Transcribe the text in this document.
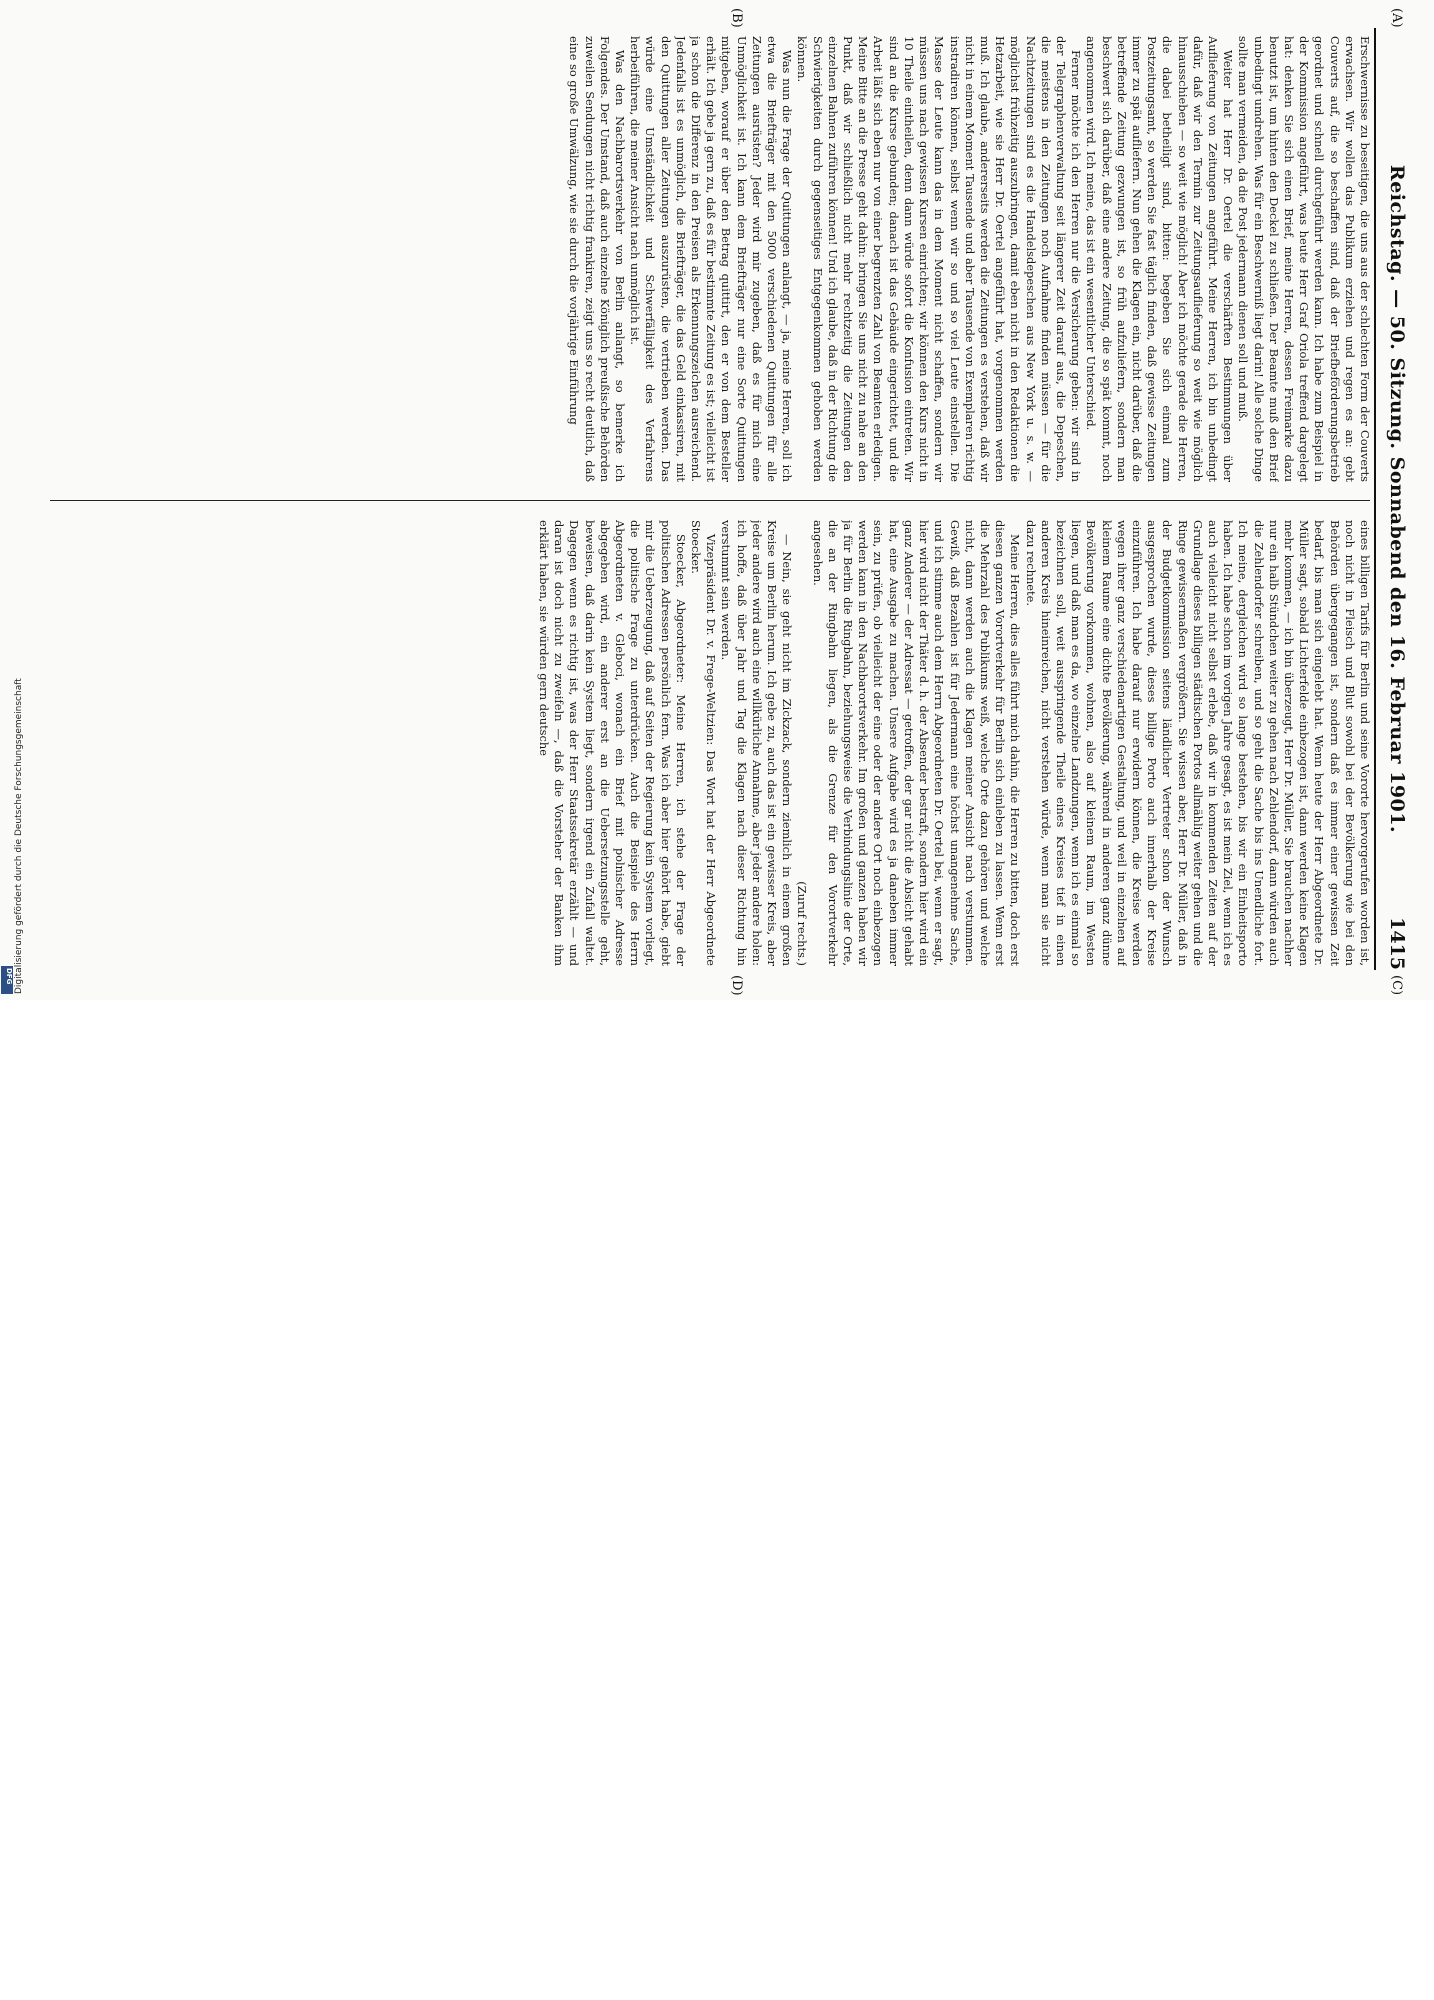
Reichstag. — 50. Sitzung. Sonnabend den 16. Februar 1901.
1415
(A)
(B)
(C)
(D)

Erschwernisse zu beseitigen, die uns aus der schlechten Form der Couverts erwachsen. Wir wollen das Publikum erziehen und regen es an: gebt Couverts auf, die so beschaffen sind, daß der Briefbeförderungsbetrieb geordnet und schnell durchgeführt werden kann. Ich habe zum Beispiel in der Kommission angeführt, was heute Herr Graf Oriola treffend dargelegt hat: denken Sie sich einen Brief, meine Herren, dessen Freimarke dazu benutzt ist, um hinten den Deckel zu schließen. Der Beamte muß den Brief unbedingt umdrehen. Was für ein Beschwerniß liegt darin! Alle solche Dinge sollte man vermeiden, da die Post jedermann dienen soll und muß.

Weiter hat Herr Dr. Oertel die verschärften Bestimmungen über Auflieferung von Zeitungen angeführt. Meine Herren, ich bin unbedingt dafür, daß wir den Termin zur Zeitungsauflieferung so weit wie möglich hinausschieben — so weit wie möglich! Aber ich möchte gerade die Herren, die dabei betheiligt sind, bitten: begeben Sie sich einmal zum Postzeitungsamt, so werden Sie fast täglich finden, daß gewisse Zeitungen immer zu spät aufliefern. Nun gehen die Klagen ein, nicht darüber, daß die betreffende Zeitung gezwungen ist, so früh aufzuliefern, sondern man beschwert sich darüber, daß eine andere Zeitung, die so spät kommt, noch angenommen wird. Ich meine, das ist ein wesentlicher Unterschied.

Ferner möchte ich den Herren nur die Versicherung geben: wir sind in der Telegraphenverwaltung seit längerer Zeit darauf aus, die Depeschen, die meistens in den Zeitungen noch Aufnahme finden müssen — für die Nachtzeitungen sind es die Handelsdepeschen aus New York u. s. w. — möglichst frühzeitig auszubringen, damit eben nicht in den Redaktionen die Hetzarbeit, wie sie Herr Dr. Oertel angeführt hat, vorgenommen werden muß. Ich glaube, andererseits werden die Zeitungen es verstehen, daß wir nicht in einem Moment Tausende und aber Tausende von Exemplaren richtig instradiren können, selbst wenn wir so und so viel Leute einstellen. Die Masse der Leute kann das in dem Moment nicht schaffen, sondern wir müssen uns nach gewissen Kursen einrichten; wir können den Kurs nicht in 10 Theile eintheilen, denn dann würde sofort die Konfusion eintreten. Wir sind an die Kurse gebunden; danach ist das Gebäude eingerichtet, und die Arbeit läßt sich eben nur von einer begrenzten Zahl von Beamten erledigen. Meine Bitte an die Presse geht dahin: bringen Sie uns nicht zu nahe an den Punkt, daß wir schließlich nicht mehr rechtzeitig die Zeitungen den einzelnen Bahnen zuführen können! Und ich glaube, daß in der Richtung die Schwierigkeiten durch gegenseitiges Entgegenkommen gehoben werden können.

Was nun die Frage der Quittungen anlangt, — ja, meine Herren, soll ich etwa die Briefträger mit den 5000 verschiedenen Quittungen für alle Zeitungen ausrüsten? Jeder wird mir zugeben, daß es für mich eine Unmöglichkeit ist. Ich kann dem Briefträger nur eine Sorte Quittungen mitgeben, worauf er über den Betrag quittirt, den er von dem Besteller erhält. Ich gebe ja gern zu, daß es für bestimmte Zeitung es ist; vielleicht ist ja schon die Differenz in den Preisen als Erkennungszeichen ausreichend. Jedenfalls ist es unmöglich, die Briefträger, die das Geld einkassiren, mit den Quittungen aller Zeitungen auszurüsten, die vertrieben werden. Das würde eine Umständlichkeit und Schwerfälligkeit des Verfahrens herbeiführen, die meiner Ansicht nach unmöglich ist.

Was den Nachbarortsverkehr von Berlin anlangt, so bemerke ich Folgendes. Der Umstand, daß auch einzelne Königlich preußische Behörden zuweilen Sendungen nicht richtig frankiren, zeigt uns so recht deutlich, daß eine so große Umwälzung, wie sie durch die vorjährige Einführung

eines billigen Tarifs für Berlin und seine Vororte hervorgerufen worden ist, noch nicht in Fleisch und Blut sowohl bei der Bevölkerung wie bei den Behörden übergegangen ist, sondern daß es immer einer gewissen Zeit bedarf, bis man sich eingelebt hat. Wenn heute der Herr Abgeordnete Dr. Müller sagt, sobald Lichterfelde einbezogen ist, dann werden keine Klagen mehr kommen, — ich bin überzeugt, Herr Dr. Müller, Sie brauchen nachher nur ein halb Stündchen weiter zu gehen nach Zehlendorf, dann würden auch die Zehlendorfer schreiben, und so geht die Sache bis ins Unendliche fort. Ich meine, dergleichen wird so lange bestehen, bis wir ein Einheitsporto haben. Ich habe schon im vorigen Jahre gesagt, es ist mein Ziel, wenn ich es auch vielleicht nicht selbst erlebe, daß wir in kommenden Zeiten auf der Grundlage dieses billigen städtischen Portos allmählig weiter gehen und die Ringe gewissermaßen vergrößern. Sie wissen aber, Herr Dr. Müller, daß in der Budgetkommission seitens ländlicher Vertreter schon der Wunsch ausgesprochen wurde, dieses billige Porto auch innerhalb der Kreise einzuführen. Ich habe darauf nur erwidern können, die Kreise werden wegen ihrer ganz verschiedenartigen Gestaltung, und weil in einzelnen auf kleinem Raume eine dichte Bevölkerung, während in anderen ganz dünne Bevölkerung vorkommen, wohnen, also auf kleinem Raum, im Westen liegen, und daß man es da, wo einzelne Landzungen, wenn ich es einmal so bezeichnen soll, weit ausspringende Theile eines Kreises tief in einen anderen Kreis hineinreichen, nicht verstehen würde, wenn man sie nicht dazu rechnete.

Meine Herren, dies alles führt mich dahin, die Herren zu bitten, doch erst diesen ganzen Vorortverkehr für Berlin sich einleben zu lassen. Wenn erst die Mehrzahl des Publikums weiß, welche Orte dazu gehören und welche nicht, dann werden auch die Klagen meiner Ansicht nach verstummen. Gewiß, daß Bezahlen ist für Jedermann eine höchst unangenehme Sache, und ich stimme auch dem Herrn Abgeordneten Dr. Oertel bei, wenn er sagt, hier wird nicht der Thäter d. h. der Absender bestraft, sondern hier wird ein ganz Anderer — der Adressat — getroffen, der gar nicht die Absicht gehabt hat, eine Ausgabe zu machen. Unsere Aufgabe wird es ja daneben immer sein, zu prüfen, ob vielleicht der eine oder der andere Ort noch einbezogen werden kann in den Nachbarortsverkehr. Im großen und ganzen haben wir ja für Berlin die Ringbahn, beziehungsweise die Verbindungslinie der Orte, die an der Ringbahn liegen, als die Grenze für den Vorortverkehr angesehen.

(Zuruf rechts.)

— Nein, sie geht nicht im Zickzack, sondern ziemlich in einem großen Kreise um Berlin herum. Ich gebe zu, auch das ist ein gewisser Kreis, aber jeder andere wird auch eine willkürliche Annahme, aber jeder andere holen: ich hoffe, daß über Jahr und Tag die Klagen nach dieser Richtung hin verstummt sein werden.

Vizepräsident Dr. v. Frege-Weltzien: Das Wort hat der Herr Abgeordnete Stoecker.

Stoecker, Abgeordneter: Meine Herren, ich stehe der Frage der politischen Adressen persönlich fern. Was ich aber hier gehört habe, giebt mir die Ueberzeugung, daß auf Seiten der Regierung kein System vorliegt, die politische Frage zu unterdrücken. Auch die Beispiele des Herrn Abgeordneten v. Gleboci, wonach ein Brief mit polnischer Adresse abgegeben wird, ein anderer erst an die Uebersetzungsstelle geht, beweisen, daß darin kein System liegt, sondern irgend ein Zufall waltet. Dagegen wenn es richtig ist, was der Herr Staatssekretär erzählt — und daran ist doch nicht zu zweifeln —, daß die Vorsteher der Banken ihm erklärt haben, sie würden gern deutsche

Digitalisierung gefördert durch die Deutsche Forschungsgemeinschaft
DFG
